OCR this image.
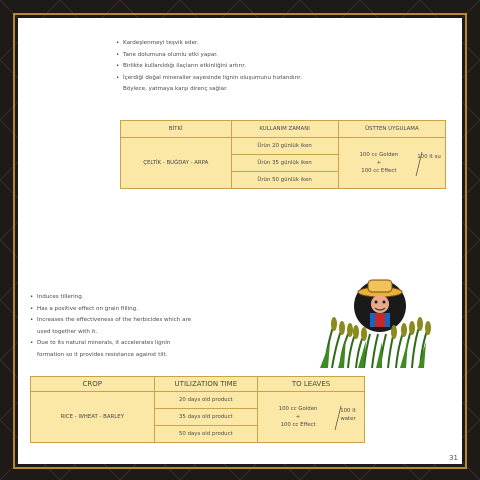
• Kardeşlenmeyi teşvik eder.
• Tane dolumuna olumlu etki yapar.
• Birlikte kullanıldığı ilaçların etkinliğini artırır.
• İçerdiği doğal mineraller sayesinde lignin oluşumunu hızlandırır.
Böylece, yatmaya karşı direnç sağlar.
BİTKİ	KULLANIM ZAMANI	ÜSTTEN UYGULAMA
ÇELTİK - BUĞDAY - ARPA	Ürün 20 günlük iken	100 cc Golden
+
100 cc Effect
100 lt su

	Ürün 35 günlük iken	
	Ürün 50 günlük iken	
• Induces tillering.
• Has a positive effect on grain filling.
• Increases the effectiveness of the herbicides which are
used together with it.
• Due to its natural minerals, it accelerates lignin
formation so it provides resistance against tilt.
CROP	UTILIZATION TIME	TO LEAVES
RICE - WHEAT - BARLEY	20 days old product	100 cc Golden
+
100 cc Effect
100 lt
water

	35 days old product	
	50 days old product	
31
